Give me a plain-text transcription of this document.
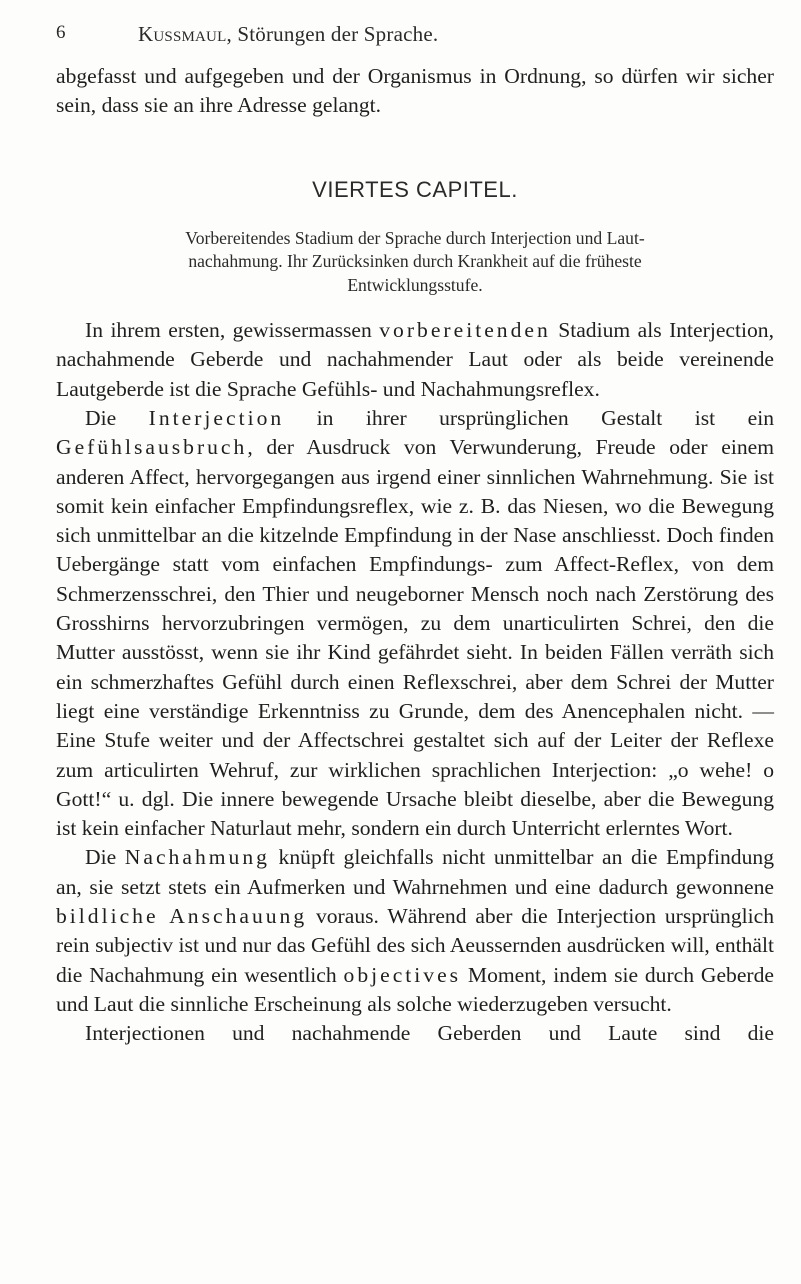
6	Kussmaul, Störungen der Sprache.

abgefasst und aufgegeben und der Organismus in Ordnung, so dürfen wir sicher sein, dass sie an ihre Adresse gelangt.

VIERTES CAPITEL.
Vorbereitendes Stadium der Sprache durch Interjection und Laut-
nachahmung. Ihr Zurücksinken durch Krankheit auf die früheste
Entwicklungsstufe.

In ihrem ersten, gewissermassen vorbereitenden Stadium als Interjection, nachahmende Geberde und nachahmender Laut oder als beide vereinende Lautgeberde ist die Sprache Gefühls- und Nachahmungsreflex.

Die Interjection in ihrer ursprünglichen Gestalt ist ein Gefühlsausbruch, der Ausdruck von Verwunderung, Freude oder einem anderen Affect, hervorgegangen aus irgend einer sinnlichen Wahrnehmung. Sie ist somit kein einfacher Empfindungsreflex, wie z. B. das Niesen, wo die Bewegung sich unmittelbar an die kitzelnde Empfindung in der Nase anschliesst. Doch finden Uebergänge statt vom einfachen Empfindungs- zum Affect-Reflex, von dem Schmerzensschrei, den Thier und neugeborner Mensch noch nach Zerstörung des Grosshirns hervorzubringen vermögen, zu dem unarticulirten Schrei, den die Mutter ausstösst, wenn sie ihr Kind gefährdet sieht. In beiden Fällen verräth sich ein schmerzhaftes Gefühl durch einen Reflexschrei, aber dem Schrei der Mutter liegt eine verständige Erkenntniss zu Grunde, dem des Anencephalen nicht. — Eine Stufe weiter und der Affectschrei gestaltet sich auf der Leiter der Reflexe zum articulirten Wehruf, zur wirklichen sprachlichen Interjection: „o wehe! o Gott!“ u. dgl. Die innere bewegende Ursache bleibt dieselbe, aber die Bewegung ist kein einfacher Naturlaut mehr, sondern ein durch Unterricht erlerntes Wort.

Die Nachahmung knüpft gleichfalls nicht unmittelbar an die Empfindung an, sie setzt stets ein Aufmerken und Wahrnehmen und eine dadurch gewonnene bildliche Anschauung voraus. Während aber die Interjection ursprünglich rein subjectiv ist und nur das Gefühl des sich Aeussernden ausdrücken will, enthält die Nachahmung ein wesentlich objectives Moment, indem sie durch Geberde und Laut die sinnliche Erscheinung als solche wiederzugeben versucht.

Interjectionen und nachahmende Geberden und Laute sind die
